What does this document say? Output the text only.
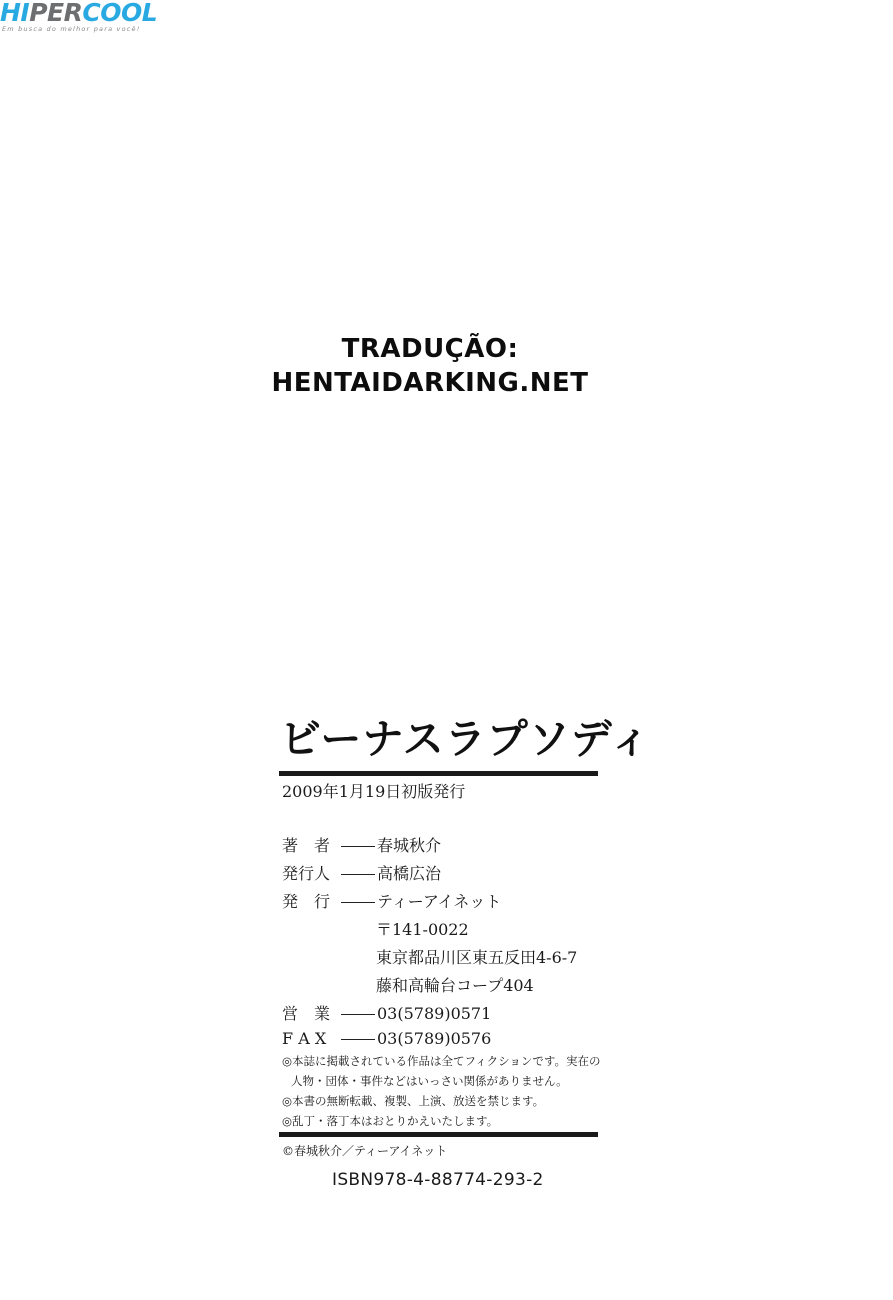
HIPERCOOL
Em busca do melhor para você!
TRADUÇÃO:
HENTAIDARKING.NET
ビーナスラプソディ
2009年1月19日初版発行
著　者	春城秋介
発行人	高橋広治
発　行	ティーアイネット
〒141-0022
東京都品川区東五反田4-6-7
藤和高輪台コープ404
営　業	03(5789)0571
F A X	03(5789)0576
◎本誌に掲載されている作品は全てフィクションです。実在の
人物・団体・事件などはいっさい関係がありません。
◎本書の無断転載、複製、上演、放送を禁じます。
◎乱丁・落丁本はおとりかえいたします。
©春城秋介／ティーアイネット
ISBN978-4-88774-293-2
